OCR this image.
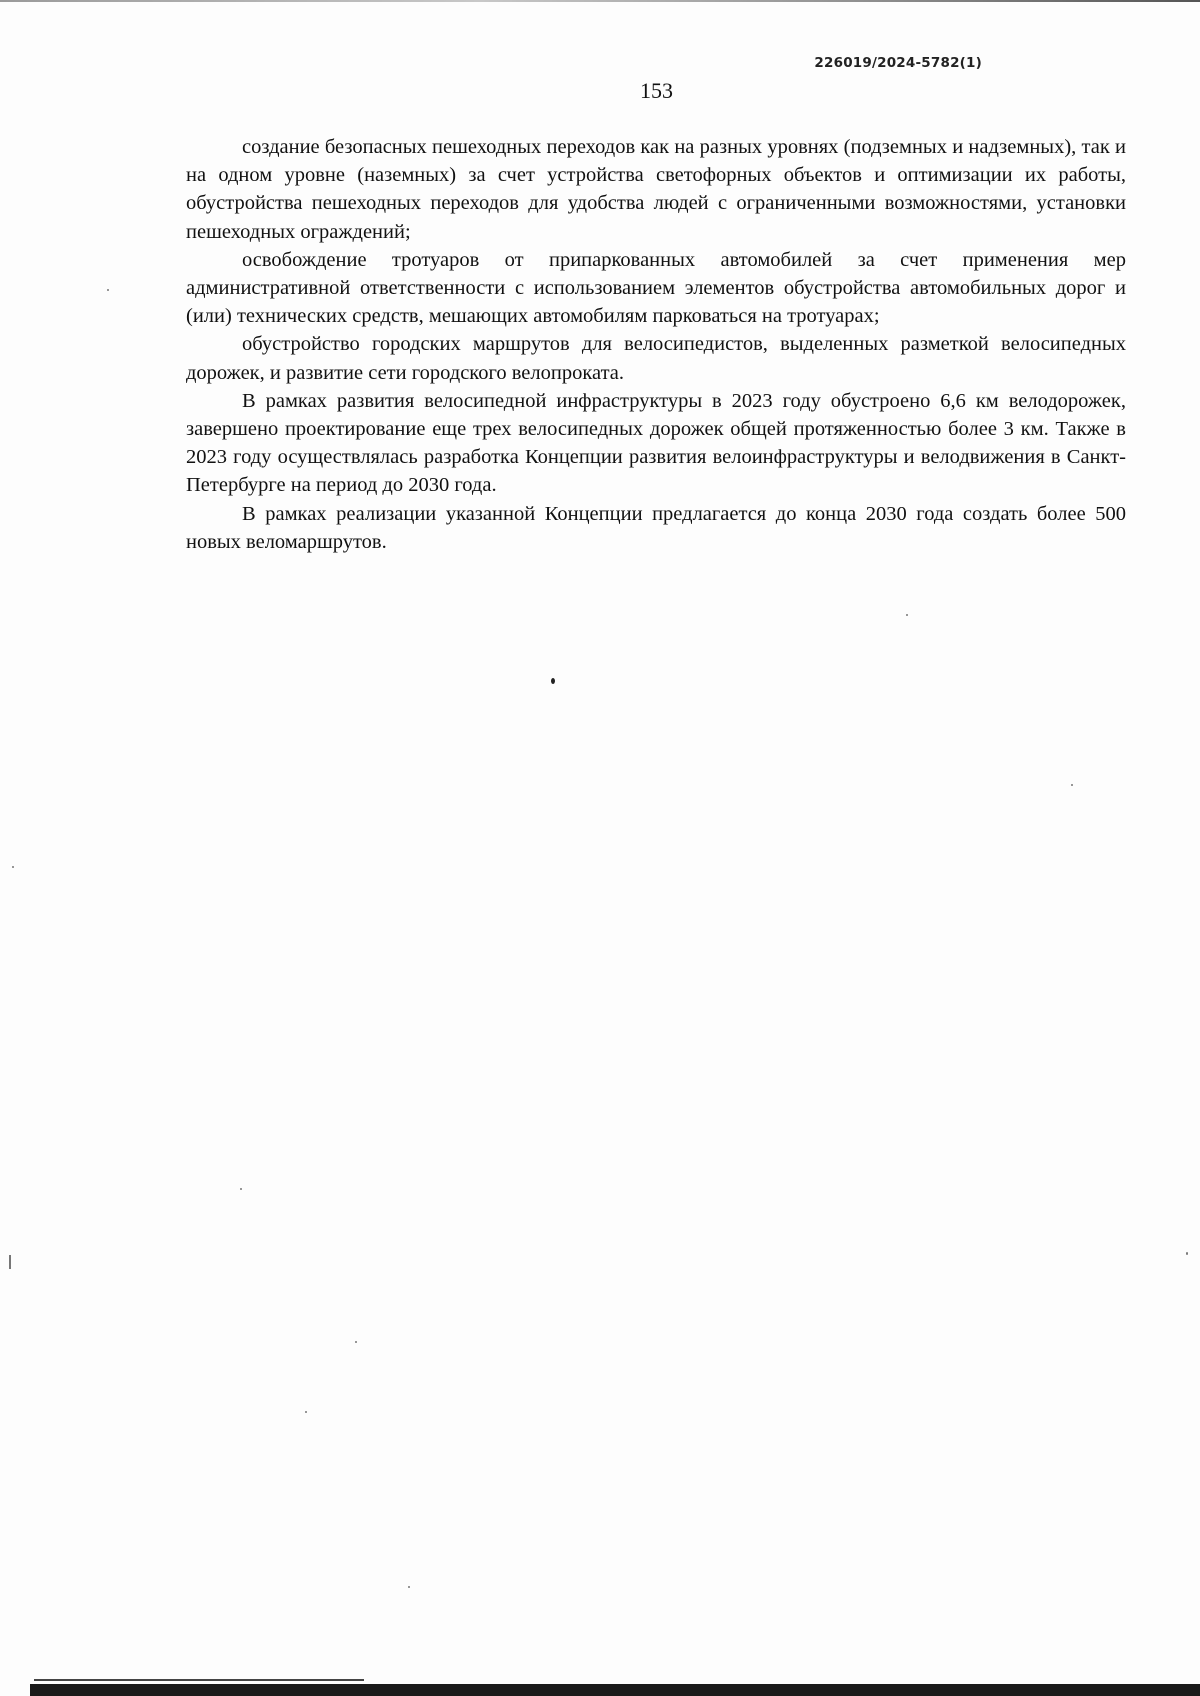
226019/2024-5782(1)
153

создание безопасных пешеходных переходов как на разных уровнях (подземных и надземных), так и на одном уровне (наземных) за счет устройства светофорных объектов и оптимизации их работы, обустройства пешеходных переходов для удобства людей с ограниченными возможностями, установки пешеходных ограждений;

освобождение тротуаров от припаркованных автомобилей за счет применения мер административной ответственности с использованием элементов обустройства автомобильных дорог и (или) технических средств, мешающих автомобилям парковаться на тротуарах;

обустройство городских маршрутов для велосипедистов, выделенных разметкой велосипедных дорожек, и развитие сети городского велопроката.

В рамках развития велосипедной инфраструктуры в 2023 году обустроено 6,6 км велодорожек, завершено проектирование еще трех велосипедных дорожек общей протяженностью более 3 км. Также в 2023 году осуществлялась разработка Концепции развития велоинфраструктуры и велодвижения в Санкт-Петербурге на период до 2030 года.

В рамках реализации указанной Концепции предлагается до конца 2030 года создать более 500 новых веломаршрутов.
